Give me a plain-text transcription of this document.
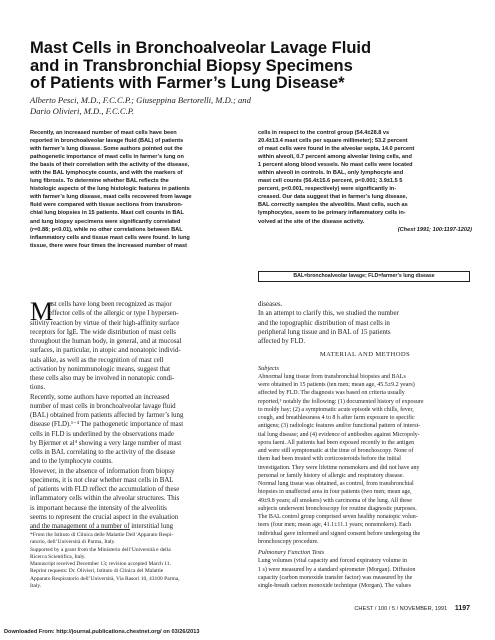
Mast Cells in Bronchoalveolar Lavage Fluid
and in Transbronchial Biopsy Specimens
of Patients with Farmer’s Lung Disease*
Alberto Pesci, M.D., F.C.C.P.; Giuseppina Bertorelli, M.D.; and
Dario Olivieri, M.D., F.C.C.P.
Recently, an increased number of mast cells have been
reported in bronchoalveolar lavage fluid (BAL) of patients
with farmer’s lung disease. Some authors pointed out the
pathogenetic importance of mast cells in farmer’s lung on
the basis of their correlation with the activity of the disease,
with the BAL lymphocyte counts, and with the markers of
lung fibrosis. To determine whether BAL reflects the
histologic aspects of the lung histologic features in patients
with farmer’s lung disease, mast cells recovered from lavage
fluid were compared with tissue sections from transbron-
chial lung biopsies in 15 patients. Mast cell counts in BAL
and lung biopsy specimens were significantly correlated
(r=0.88; p<0.01), while no other correlations between BAL
inflammatory cells and tissue mast cells were found. In lung
tissue, there were four times the increased number of mast
cells in respect to the control group (54.4±28.8 vs
20.4±13.4 mast cells per square millimeter); 53.2 percent
of mast cells were found in the alveolar septa, 14.0 percent
within alveoli, 0.7 percent among alveolar lining cells, and
1 percent along blood vessels. No mast cells were located
within alveoli in controls. In BAL, only lymphocyte and
mast cell counts (56.4±15.6 percent, p<0.001; 3.9±1.5 5
percent, p<0.001, respectively) were significantly in-
creased. Our data suggest that in farmer’s lung disease,
BAL correctly samples the alveolitis. Mast cells, such as
lymphocytes, seem to be primary inflammatory cells in-
volved at the site of the disease activity.
(Chest 1991; 100:1197-1202)
BAL=bronchoalveolar lavage; FLD=farmer’s lung disease
M
ast cells have long been recognized as major
effector cells of the allergic or type I hypersen-
sitivity reaction by virtue of their high-affinity surface
receptors for IgE. The wide distribution of mast cells
throughout the human body, in general, and at mucosal
surfaces, in particular, in atopic and nonatopic individ-
uals alike, as well as the recognition of mast cell
activation by nonimmunologic means, suggest that
these cells also may be involved in nonatopic condi-
tions.
Recently, some authors have reported an increased
number of mast cells in bronchoalveolar lavage fluid
(BAL) obtained from patients affected by farmer’s lung
disease (FLD).¹⁻⁴ The pathogenetic importance of mast
cells in FLD is underlined by the observations made
by Bjermer et al⁴ showing a very large number of mast
cells in BAL correlating to the activity of the disease
and to the lymphocyte counts.
However, in the absence of information from biopsy
specimens, it is not clear whether mast cells in BAL
of patients with FLD reflect the accumulation of these
inflammatory cells within the alveolar structures. This
is important because the intensity of the alveolitis
seems to represent the crucial aspect in the evaluation
and the management of a number of interstitial lung
*From the Istituto di Clinica delle Malattie Dell’Apparato Respi-
ratorio, dell’Università di Parma, Italy.
Supported by a grant from the Ministerio dell’Università e della
Ricerca Scientifica, Italy.
Manuscript received December 13; revision accepted March 11.
Reprint requests: Dr. Olivieri, Istituto di Clinica del Malattie
Apparato Respiratorio dell’Università, Via Rasori 10, 43100 Parma,
Italy.
diseases.
In an attempt to clarify this, we studied the number
and the topographic distribution of mast cells in
peripheral lung tissue and in BAL of 15 patients
affected by FLD.
MATERIAL AND METHODS
Subjects
Abnormal lung tissue from transbronchial biopsies and BALs
were obtained in 15 patients (ten men; mean age, 45.5±9.2 years)
affected by FLD. The diagnosis was based on criteria usually
reported,⁵ notably the following: (1) documented history of exposure
to moldy hay; (2) a symptomatic acute episode with chills, fever,
cough, and breathlessness 4 to 8 h after farm exposure to specific
antigens; (3) radiologic features and/or functional pattern of interst-
tial lung disease; and (4) evidence of antibodies against Micropoly-
spora faeni. All patients had been exposed recently to the antigen
and were still symptomatic at the time of bronchoscopy. None of
them had been treated with corticosteroids before the initial
investigation. They were lifetime nonsmokers and did not have any
personal or family history of allergic and respiratory disease.
Normal lung tissue was obtained, as control, from transbronchial
biopsies in unaffected area in four patients (two men; mean age,
49±9.8 years; all smokers) with carcinoma of the lung. All these
subjects underwent bronchoscopy for routine diagnostic purposes.
The BAL control group comprised seven healthy nonatopic volun-
teers (four men; mean age, 41.1±11.1 years; nonsmokers). Each
individual gave informed and signed consent before undergoing the
bronchoscopy procedure.
Pulmonary Function Tests
Lung volumes (vital capacity and forced expiratory volume in
1 s) were measured by a standard spirometer (Morgan). Diffusion
capacity (carbon monoxide transfer factor) was measured by the
single-breath carbon monoxide technique (Morgan). The values
CHEST / 100 / 5 / NOVEMBER, 1991 1197
Downloaded From: http://journal.publications.chestnet.org/ on 03/26/2013
